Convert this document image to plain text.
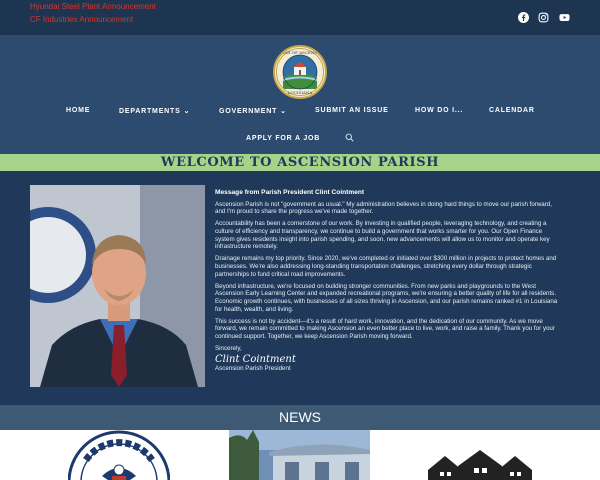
Hyundai Steel Plant Announcement
CF Industries Announcement
PARISH OF ASCENSION
LOUISIANA
HOME	DEPARTMENTS ⌄	GOVERNMENT ⌄	SUBMIT AN ISSUE	HOW DO I...	CALENDAR
APPLY FOR A JOB
WELCOME TO ASCENSION PARISH
Message from Parish President Clint Cointment

Ascension Parish is not "government as usual." My administration believes in doing hard things to move our parish forward, and I'm proud to share the progress we've made together.

Accountability has been a cornerstone of our work. By investing in qualified people, leveraging technology, and creating a culture of efficiency and transparency, we continue to build a government that works smarter for you. Our Open Finance system gives residents insight into parish spending, and soon, new advancements will allow us to monitor and operate key infrastructure remotely.

Drainage remains my top priority. Since 2020, we've completed or initiated over $300 million in projects to protect homes and businesses. We're also addressing long-standing transportation challenges, stretching every dollar through strategic partnerships to fund critical road improvements.

Beyond infrastructure, we're focused on building stronger communities. From new parks and playgrounds to the West Ascension Early Learning Center and expanded recreational programs, we're ensuring a better quality of life for all residents. Economic growth continues, with businesses of all sizes thriving in Ascension, and our parish remains ranked #1 in Louisiana for health, wealth, and living.

This success is not by accident—it's a result of hard work, innovation, and the dedication of our community. As we move forward, we remain committed to making Ascension an even better place to live, work, and raise a family. Thank you for your continued support. Together, we keep Ascension Parish moving forward.

Sincerely,

Clint Cointment
Ascension Parish President
NEWS
